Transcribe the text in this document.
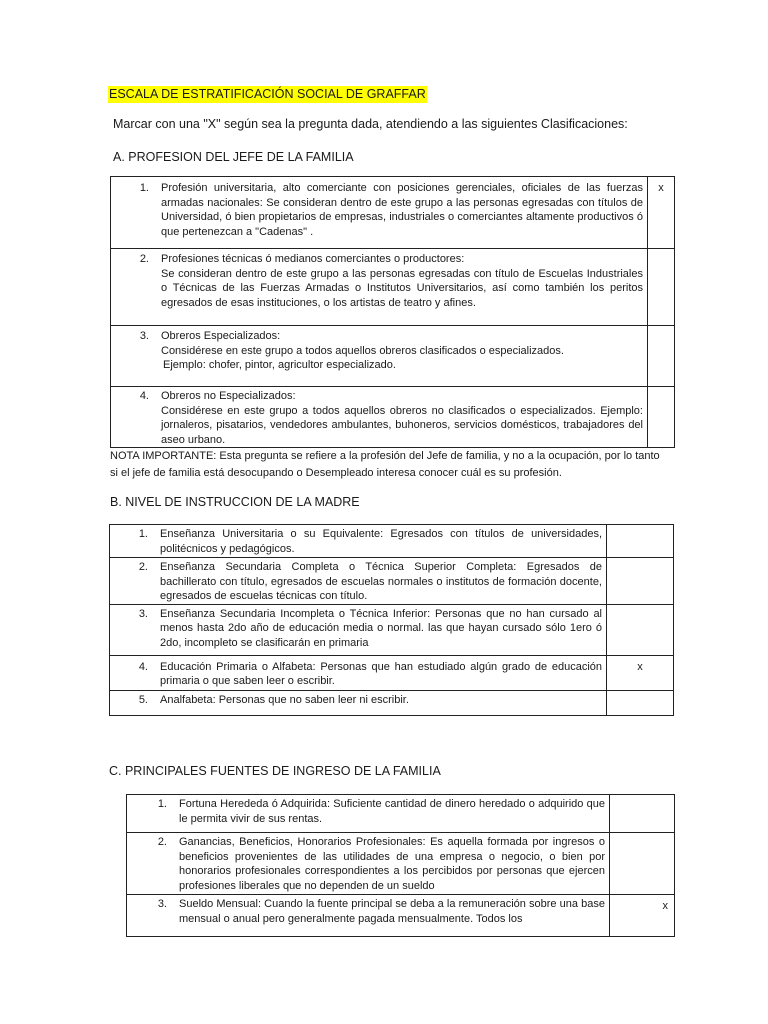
ESCALA DE ESTRATIFICACIÓN SOCIAL DE GRAFFAR
Marcar con una "X" según sea la pregunta dada, atendiendo a las siguientes Clasificaciones:
A. PROFESION DEL JEFE DE LA FAMILIA
1. Profesión universitaria, alto comerciante con posiciones gerenciales, oficiales de las fuerzas armadas nacionales: Se consideran dentro de este grupo a las personas egresadas con títulos de Universidad, ó bien propietarios de empresas, industriales o comerciantes altamente productivos ó que pertenezcan a "Cadenas" .	x

2. Profesiones técnicas ó medianos comerciantes o productores:
Se consideran dentro de este grupo a las personas egresadas con título de Escuelas Industriales o Técnicas de las Fuerzas Armadas o Institutos Universitarios, así como también los peritos egresados de esas instituciones, o los artistas de teatro y afines.	

3. Obreros Especializados:
Considérese en este grupo a todos aquellos obreros clasificados o especializados.
Ejemplo: chofer, pintor, agricultor especializado.	

4. Obreros no Especializados:
Considérese en este grupo a todos aquellos obreros no clasificados o especializados. Ejemplo: jornaleros, pisatarios, vendedores ambulantes, buhoneros, servicios domésticos, trabajadores del aseo urbano.	

NOTA IMPORTANTE: Esta pregunta se refiere a la profesión del Jefe de familia, y no a la ocupación, por lo tanto si el jefe de familia está desocupando o Desempleado interesa conocer cuál es su profesión.
B. NIVEL DE INSTRUCCION DE LA MADRE
1. Enseñanza Universitaria o su Equivalente: Egresados con títulos de universidades, politécnicos y pedagógicos.	

2. Enseñanza Secundaria Completa o Técnica Superior Completa: Egresados de bachillerato con título, egresados de escuelas normales o institutos de formación docente, egresados de escuelas técnicas con título.	

3. Enseñanza Secundaria Incompleta o Técnica Inferior: Personas que no han cursado al menos hasta 2do año de educación media o normal. las que hayan cursado sólo 1ero ó 2do, incompleto se clasificarán en primaria	

4. Educación Primaria o Alfabeta: Personas que han estudiado algún grado de educación primaria o que saben leer o escribir.	x

5. Analfabeta: Personas que no saben leer ni escribir.	

C. PRINCIPALES FUENTES DE INGRESO DE LA FAMILIA
1. Fortuna Herededa ó Adquirida: Suficiente cantidad de dinero heredado o adquirido que le permita vivir de sus rentas.	

2. Ganancias, Beneficios, Honorarios Profesionales: Es aquella formada por ingresos o beneficios provenientes de las utilidades de una empresa o negocio, o bien por honorarios profesionales correspondientes a los percibidos por personas que ejercen profesiones liberales que no dependen de un sueldo	

3. Sueldo Mensual: Cuando la fuente principal se deba a la remuneración sobre una base mensual o anual pero generalmente pagada mensualmente. Todos los	x
